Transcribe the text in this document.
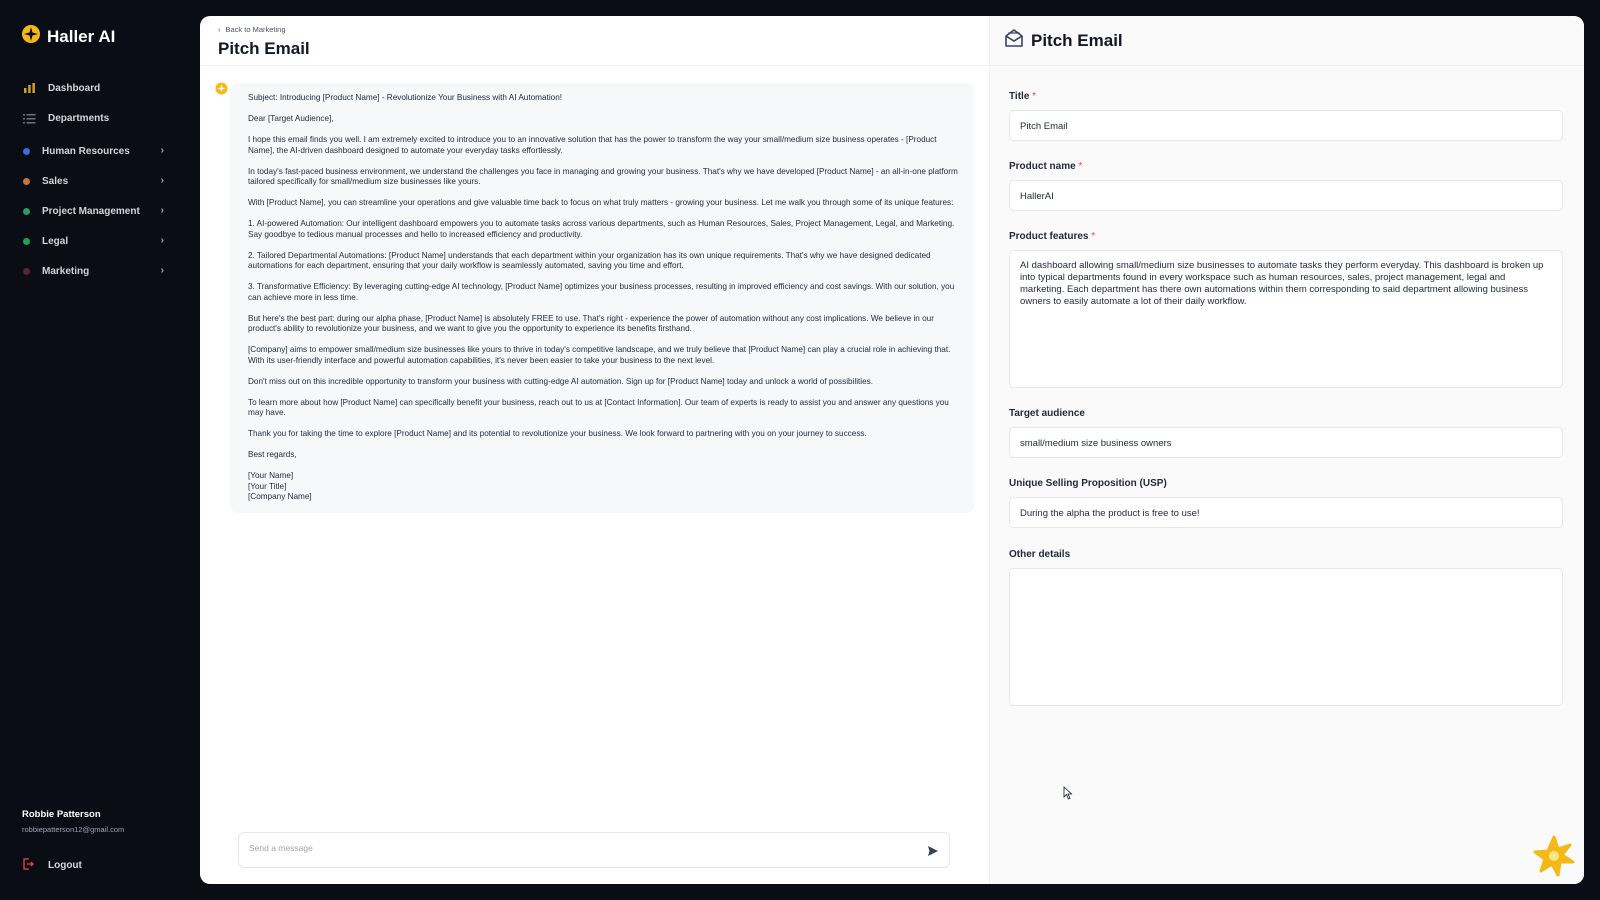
Haller AI
Dashboard
Departments
Human Resources	›
Sales	›
Project Management ›
Legal	›
Marketing	›
Robbie Patterson
robbiepatterson12@gmail.com
Logout
‹ Back to Marketing
Pitch Email

Subject: Introducing [Product Name] - Revolutionize Your Business with AI Automation!

Dear [Target Audience],

I hope this email finds you well. I am extremely excited to introduce you to an innovative solution that has the power to transform the way your small/medium size business operates - [Product Name], the AI-driven dashboard designed to automate your everyday tasks effortlessly.

In today's fast-paced business environment, we understand the challenges you face in managing and growing your business. That's why we have developed [Product Name] - an all-in-one platform tailored specifically for small/medium size businesses like yours.

With [Product Name], you can streamline your operations and give valuable time back to focus on what truly matters - growing your business. Let me walk you through some of its unique features:

1. AI-powered Automation: Our intelligent dashboard empowers you to automate tasks across various departments, such as Human Resources, Sales, Project Management, Legal, and Marketing. Say goodbye to tedious manual processes and hello to increased efficiency and productivity.

2. Tailored Departmental Automations: [Product Name] understands that each department within your organization has its own unique requirements. That's why we have designed dedicated automations for each department, ensuring that your daily workflow is seamlessly automated, saving you time and effort.

3. Transformative Efficiency: By leveraging cutting-edge AI technology, [Product Name] optimizes your business processes, resulting in improved efficiency and cost savings. With our solution, you can achieve more in less time.

But here's the best part: during our alpha phase, [Product Name] is absolutely FREE to use. That's right - experience the power of automation without any cost implications. We believe in our product's ability to revolutionize your business, and we want to give you the opportunity to experience its benefits firsthand.

[Company] aims to empower small/medium size businesses like yours to thrive in today's competitive landscape, and we truly believe that [Product Name] can play a crucial role in achieving that. With its user-friendly interface and powerful automation capabilities, it's never been easier to take your business to the next level.

Don't miss out on this incredible opportunity to transform your business with cutting-edge AI automation. Sign up for [Product Name] today and unlock a world of possibilities.

To learn more about how [Product Name] can specifically benefit your business, reach out to us at [Contact Information]. Our team of experts is ready to assist you and answer any questions you may have.

Thank you for taking the time to explore [Product Name] and its potential to revolutionize your business. We look forward to partnering with you on your journey to success.

Best regards,

[Your Name]
[Your Title]
[Company Name]

Send a message
Pitch Email
Title *
Pitch Email
Product name *
HallerAI
Product features *
AI dashboard allowing small/medium size businesses to automate tasks they perform everyday. This dashboard is broken up into typical departments found in every workspace such as human resources, sales, project management, legal and marketing. Each department has there own automations within them corresponding to said department allowing business owners to easily automate a lot of their daily workflow.
Target audience
small/medium size business owners
Unique Selling Proposition (USP)
During the alpha the product is free to use!
Other details
